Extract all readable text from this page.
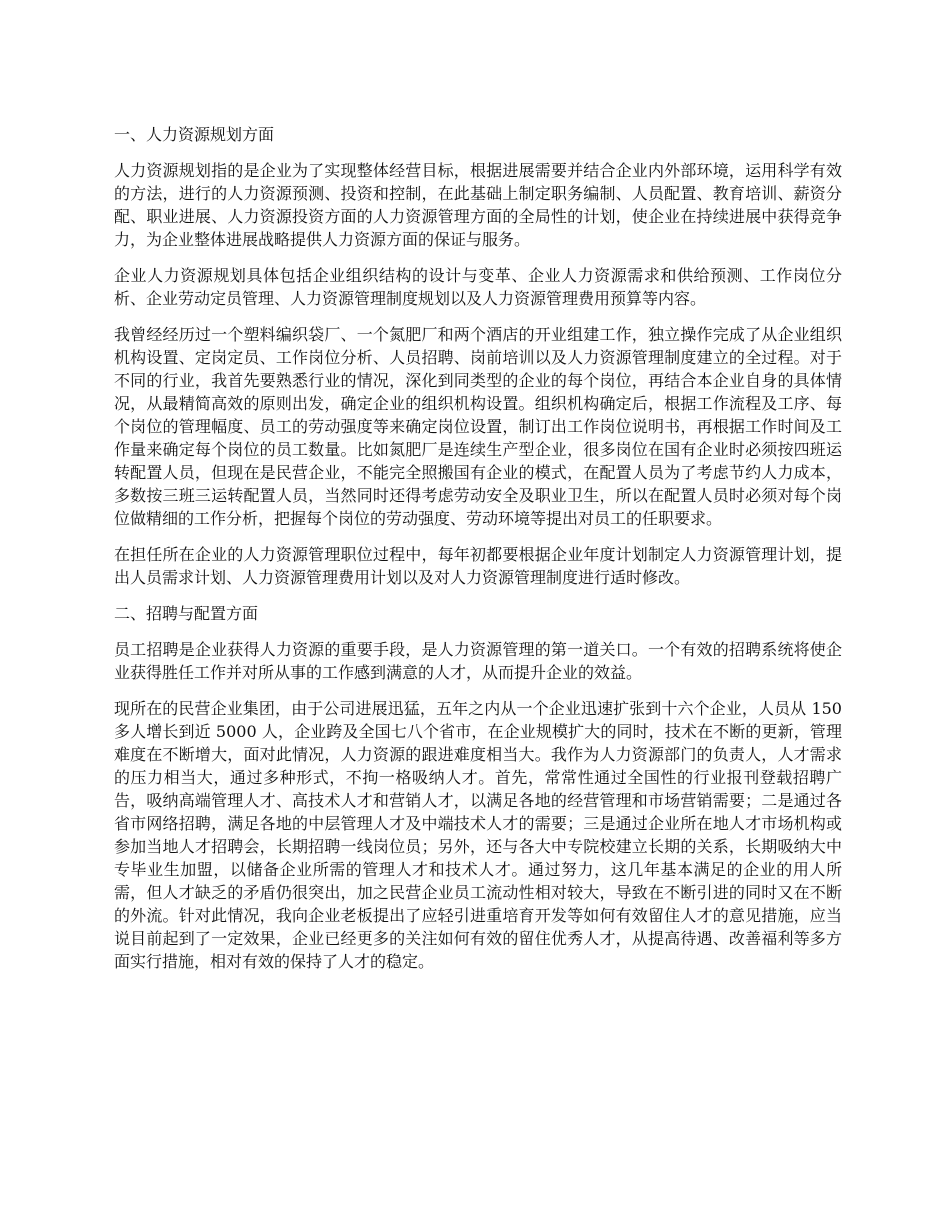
一、人力资源规划方面

人力资源规划指的是企业为了实现整体经营目标，根据进展需要并结合企业内外部环境，运用科学有效的方法，进行的人力资源预测、投资和控制，在此基础上制定职务编制、人员配置、教育培训、薪资分配、职业进展、人力资源投资方面的人力资源管理方面的全局性的计划，使企业在持续进展中获得竞争力，为企业整体进展战略提供人力资源方面的保证与服务。

企业人力资源规划具体包括企业组织结构的设计与变革、企业人力资源需求和供给预测、工作岗位分析、企业劳动定员管理、人力资源管理制度规划以及人力资源管理费用预算等内容。

我曾经经历过一个塑料编织袋厂、一个氮肥厂和两个酒店的开业组建工作，独立操作完成了从企业组织机构设置、定岗定员、工作岗位分析、人员招聘、岗前培训以及人力资源管理制度建立的全过程。对于不同的行业，我首先要熟悉行业的情况，深化到同类型的企业的每个岗位，再结合本企业自身的具体情况，从最精简高效的原则出发，确定企业的组织机构设置。组织机构确定后，根据工作流程及工序、每个岗位的管理幅度、员工的劳动强度等来确定岗位设置，制订出工作岗位说明书，再根据工作时间及工作量来确定每个岗位的员工数量。比如氮肥厂是连续生产型企业，很多岗位在国有企业时必须按四班运转配置人员，但现在是民营企业，不能完全照搬国有企业的模式，在配置人员为了考虑节约人力成本，多数按三班三运转配置人员，当然同时还得考虑劳动安全及职业卫生，所以在配置人员时必须对每个岗位做精细的工作分析，把握每个岗位的劳动强度、劳动环境等提出对员工的任职要求。

在担任所在企业的人力资源管理职位过程中，每年初都要根据企业年度计划制定人力资源管理计划，提出人员需求计划、人力资源管理费用计划以及对人力资源管理制度进行适时修改。

二、招聘与配置方面

员工招聘是企业获得人力资源的重要手段，是人力资源管理的第一道关口。一个有效的招聘系统将使企业获得胜任工作并对所从事的工作感到满意的人才，从而提升企业的效益。

现所在的民营企业集团，由于公司进展迅猛，五年之内从一个企业迅速扩张到十六个企业，人员从 150 多人增长到近 5000 人，企业跨及全国七八个省市，在企业规模扩大的同时，技术在不断的更新，管理难度在不断增大，面对此情况，人力资源的跟进难度相当大。我作为人力资源部门的负责人，人才需求的压力相当大，通过多种形式，不拘一格吸纳人才。首先，常常性通过全国性的行业报刊登载招聘广告，吸纳高端管理人才、高技术人才和营销人才，以满足各地的经营管理和市场营销需要；二是通过各省市网络招聘，满足各地的中层管理人才及中端技术人才的需要；三是通过企业所在地人才市场机构或参加当地人才招聘会，长期招聘一线岗位员；另外，还与各大中专院校建立长期的关系，长期吸纳大中专毕业生加盟，以储备企业所需的管理人才和技术人才。通过努力，这几年基本满足的企业的用人所需，但人才缺乏的矛盾仍很突出，加之民营企业员工流动性相对较大，导致在不断引进的同时又在不断的外流。针对此情况，我向企业老板提出了应轻引进重培育开发等如何有效留住人才的意见措施，应当说目前起到了一定效果，企业已经更多的关注如何有效的留住优秀人才，从提高待遇、改善福利等多方面实行措施，相对有效的保持了人才的稳定。
